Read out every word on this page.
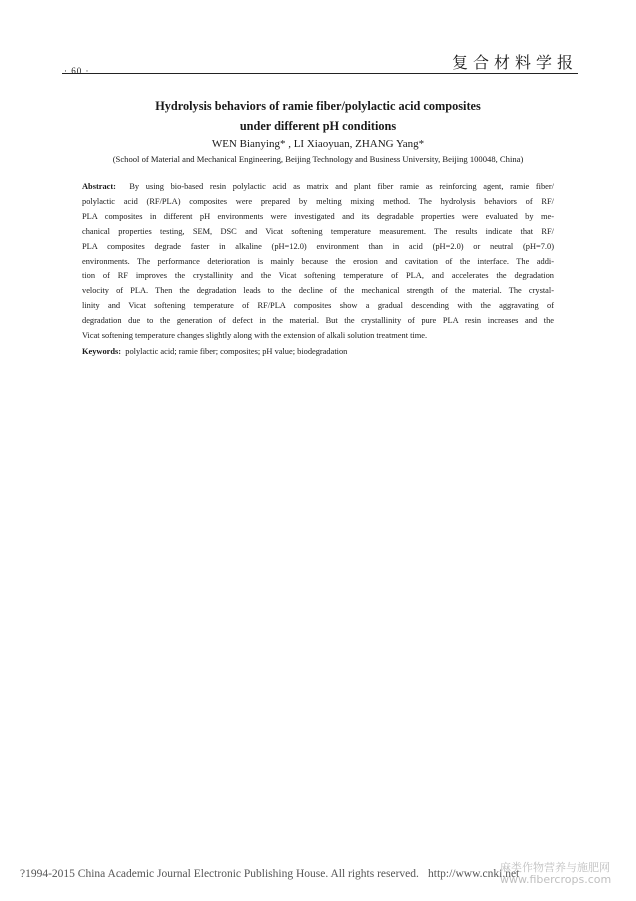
· 60 ·	复合材料学报
Hydrolysis behaviors of ramie fiber/polylactic acid composites
under different pH conditions
WEN Bianying* , LI Xiaoyuan, ZHANG Yang*
(School of Material and Mechanical Engineering, Beijing Technology and Business University, Beijing 100048, China)
Abstract: By using bio-based resin polylactic acid as matrix and plant fiber ramie as reinforcing agent, ramie fiber/
polylactic acid (RF/PLA) composites were prepared by melting mixing method. The hydrolysis behaviors of RF/
PLA composites in different pH environments were investigated and its degradable properties were evaluated by me-
chanical properties testing, SEM, DSC and Vicat softening temperature measurement. The results indicate that RF/
PLA composites degrade faster in alkaline (pH=12.0) environment than in acid (pH=2.0) or neutral (pH=7.0)
environments. The performance deterioration is mainly because the erosion and cavitation of the interface. The addi-
tion of RF improves the crystallinity and the Vicat softening temperature of PLA, and accelerates the degradation
velocity of PLA. Then the degradation leads to the decline of the mechanical strength of the material. The crystal-
linity and Vicat softening temperature of RF/PLA composites show a gradual descending with the aggravating of
degradation due to the generation of defect in the material. But the crystallinity of pure PLA resin increases and the
Vicat softening temperature changes slightly along with the extension of alkali solution treatment time.
Keywords: polylactic acid; ramie fiber; composites; pH value; biodegradation
?1994-2015 China Academic Journal Electronic Publishing House. All rights reserved. http://www.cnki.net
麻类作物营养与施肥网
www.fibercrops.com
